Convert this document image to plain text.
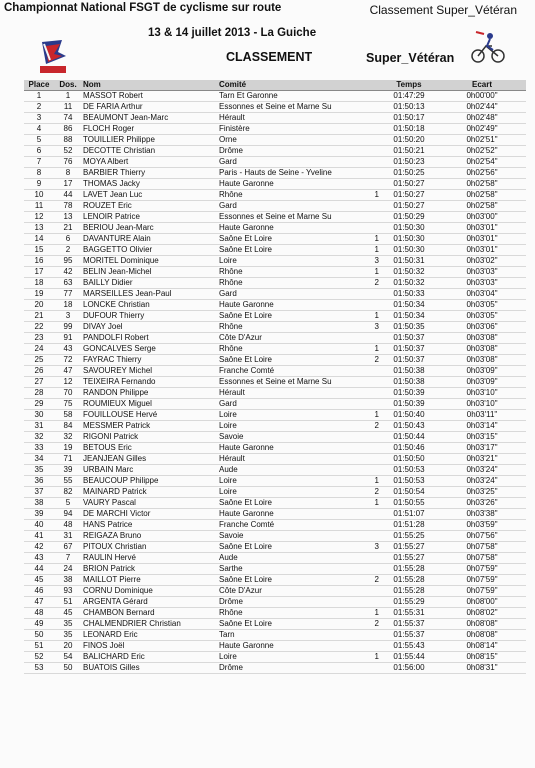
Championnat National FSGT de cyclisme sur route	Classement Super_Vétéran
13 & 14 juillet 2013 - La Guiche
CLASSEMENT	Super_Vétéran
Place	Dos.	Nom	Comité		Temps	Ecart
1	1	MASSOT Robert	Tarn Et Garonne		01:47:29	0h00'00"
2	11	DE FARIA Arthur	Essonnes et Seine et Marne Su		01:50:13	0h02'44"
3	74	BEAUMONT Jean-Marc	Hérault		01:50:17	0h02'48"
4	86	FLOCH Roger	Finistère		01:50:18	0h02'49"
5	88	TOUILLIER Philippe	Orne		01:50:20	0h02'51"
6	52	DECOTTE Christian	Drôme		01:50:21	0h02'52"
7	76	MOYA Albert	Gard		01:50:23	0h02'54"
8	8	BARBIER Thierry	Paris - Hauts de Seine - Yveline		01:50:25	0h02'56"
9	17	THOMAS Jacky	Haute Garonne		01:50:27	0h02'58"
10	44	LAVET Jean Luc	Rhône	1	01:50:27	0h02'58"
11	78	ROUZET Eric	Gard		01:50:27	0h02'58"
12	13	LENOIR Patrice	Essonnes et Seine et Marne Su		01:50:29	0h03'00"
13	21	BERIOU Jean-Marc	Haute Garonne		01:50:30	0h03'01"
14	6	DAVANTURE Alain	Saône Et Loire	1	01:50:30	0h03'01"
15	2	BAGGETTO Olivier	Saône Et Loire	1	01:50:30	0h03'01"
16	95	MORITEL Dominique	Loire	3	01:50:31	0h03'02"
17	42	BELIN Jean-Michel	Rhône	1	01:50:32	0h03'03"
18	63	BAILLY Didier	Rhône	2	01:50:32	0h03'03"
19	77	MARSEILLES Jean-Paul	Gard		01:50:33	0h03'04"
20	18	LONCKE Christian	Haute Garonne		01:50:34	0h03'05"
21	3	DUFOUR Thierry	Saône Et Loire	1	01:50:34	0h03'05"
22	99	DIVAY Joel	Rhône	3	01:50:35	0h03'06"
23	91	PANDOLFI Robert	Côte D'Azur		01:50:37	0h03'08"
24	43	GONCALVES Serge	Rhône	1	01:50:37	0h03'08"
25	72	FAYRAC Thierry	Saône Et Loire	2	01:50:37	0h03'08"
26	47	SAVOUREY Michel	Franche Comté		01:50:38	0h03'09"
27	12	TEIXEIRA Fernando	Essonnes et Seine et Marne Su		01:50:38	0h03'09"
28	70	RANDON Philippe	Hérault		01:50:39	0h03'10"
29	75	ROUMIEUX Miguel	Gard		01:50:39	0h03'10"
30	58	FOUILLOUSE Hervé	Loire	1	01:50:40	0h03'11"
31	84	MESSMER Patrick	Loire	2	01:50:43	0h03'14"
32	32	RIGONI Patrick	Savoie		01:50:44	0h03'15"
33	19	BETOUS Eric	Haute Garonne		01:50:46	0h03'17"
34	71	JEANJEAN Gilles	Hérault		01:50:50	0h03'21"
35	39	URBAIN Marc	Aude		01:50:53	0h03'24"
36	55	BEAUCOUP Philippe	Loire	1	01:50:53	0h03'24"
37	82	MAINARD Patrick	Loire	2	01:50:54	0h03'25"
38	5	VAURY Pascal	Saône Et Loire	1	01:50:55	0h03'26"
39	94	DE MARCHI Victor	Haute Garonne		01:51:07	0h03'38"
40	48	HANS Patrice	Franche Comté		01:51:28	0h03'59"
41	31	REIGAZA Bruno	Savoie		01:55:25	0h07'56"
42	67	PITOUX Christian	Saône Et Loire	3	01:55:27	0h07'58"
43	7	RAULIN Hervé	Aude		01:55:27	0h07'58"
44	24	BRION Patrick	Sarthe		01:55:28	0h07'59"
45	38	MAILLOT Pierre	Saône Et Loire	2	01:55:28	0h07'59"
46	93	CORNU Dominique	Côte D'Azur		01:55:28	0h07'59"
47	51	ARGENTA Gérard	Drôme		01:55:29	0h08'00"
48	45	CHAMBON Bernard	Rhône	1	01:55:31	0h08'02"
49	35	CHALMENDRIER Christian	Saône Et Loire	2	01:55:37	0h08'08"
50	35	LEONARD Eric	Tarn		01:55:37	0h08'08"
51	20	FINOS Joël	Haute Garonne		01:55:43	0h08'14"
52	54	BALICHARD Eric	Loire	1	01:55:44	0h08'15"
53	50	BUATOIS Gilles	Drôme		01:56:00	0h08'31"
